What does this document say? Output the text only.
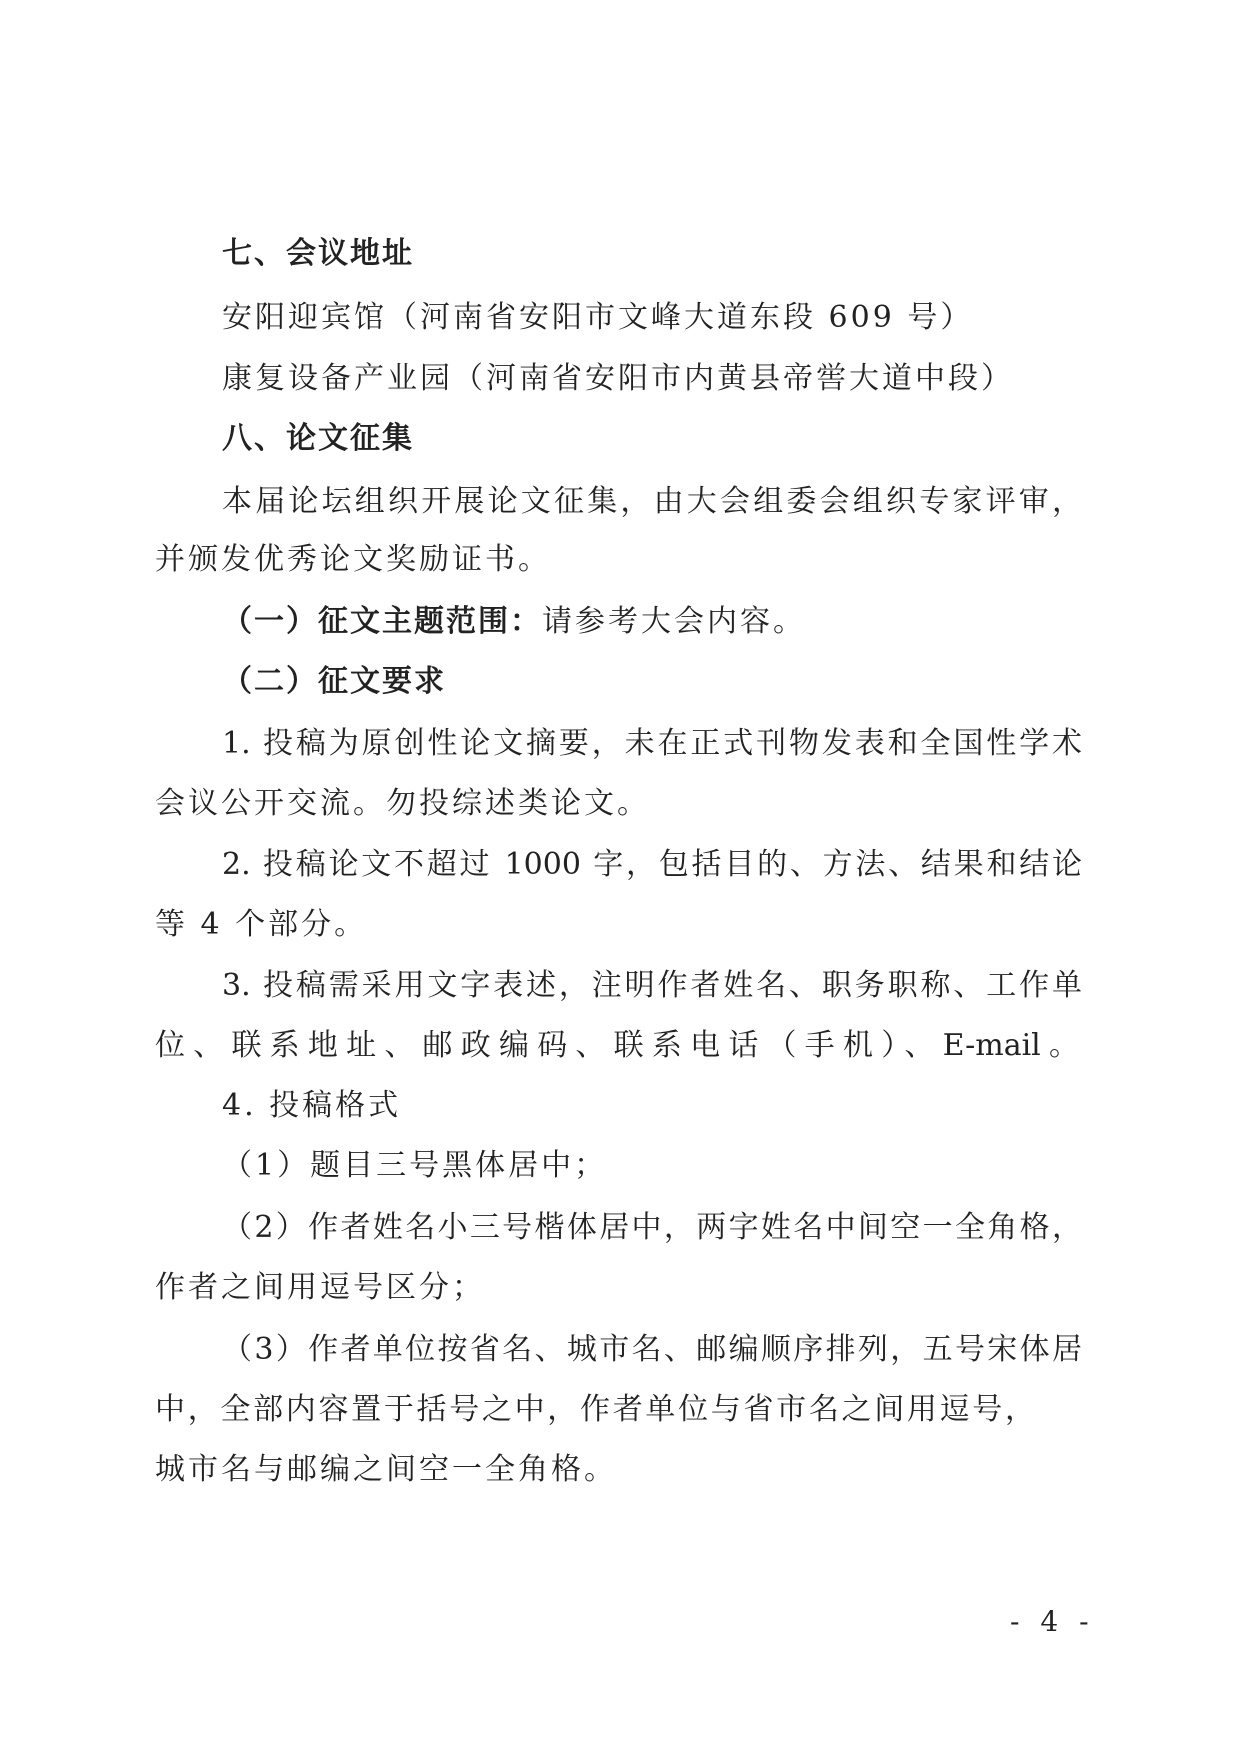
七、会议地址
安阳迎宾馆（河南省安阳市文峰大道东段 609 号）
康复设备产业园（河南省安阳市内黄县帝喾大道中段）
八、论文征集
本届论坛组织开展论文征集，由大会组委会组织专家评审，
并颁发优秀论文奖励证书。
（一）征文主题范围：请参考大会内容。
（二）征文要求
1. 投稿为原创性论文摘要，未在正式刊物发表和全国性学术
会议公开交流。勿投综述类论文。
2. 投稿论文不超过 1000 字，包括目的、方法、结果和结论
等 4 个部分。
3. 投稿需采用文字表述，注明作者姓名、职务职称、工作单
位、联系地址、邮政编码、联系电话（手机）、E-mail。
4. 投稿格式
（1）题目三号黑体居中；
（2）作者姓名小三号楷体居中，两字姓名中间空一全角格，
作者之间用逗号区分；
（3）作者单位按省名、城市名、邮编顺序排列，五号宋体居
中，全部内容置于括号之中，作者单位与省市名之间用逗号，
城市名与邮编之间空一全角格。
- 4 -
